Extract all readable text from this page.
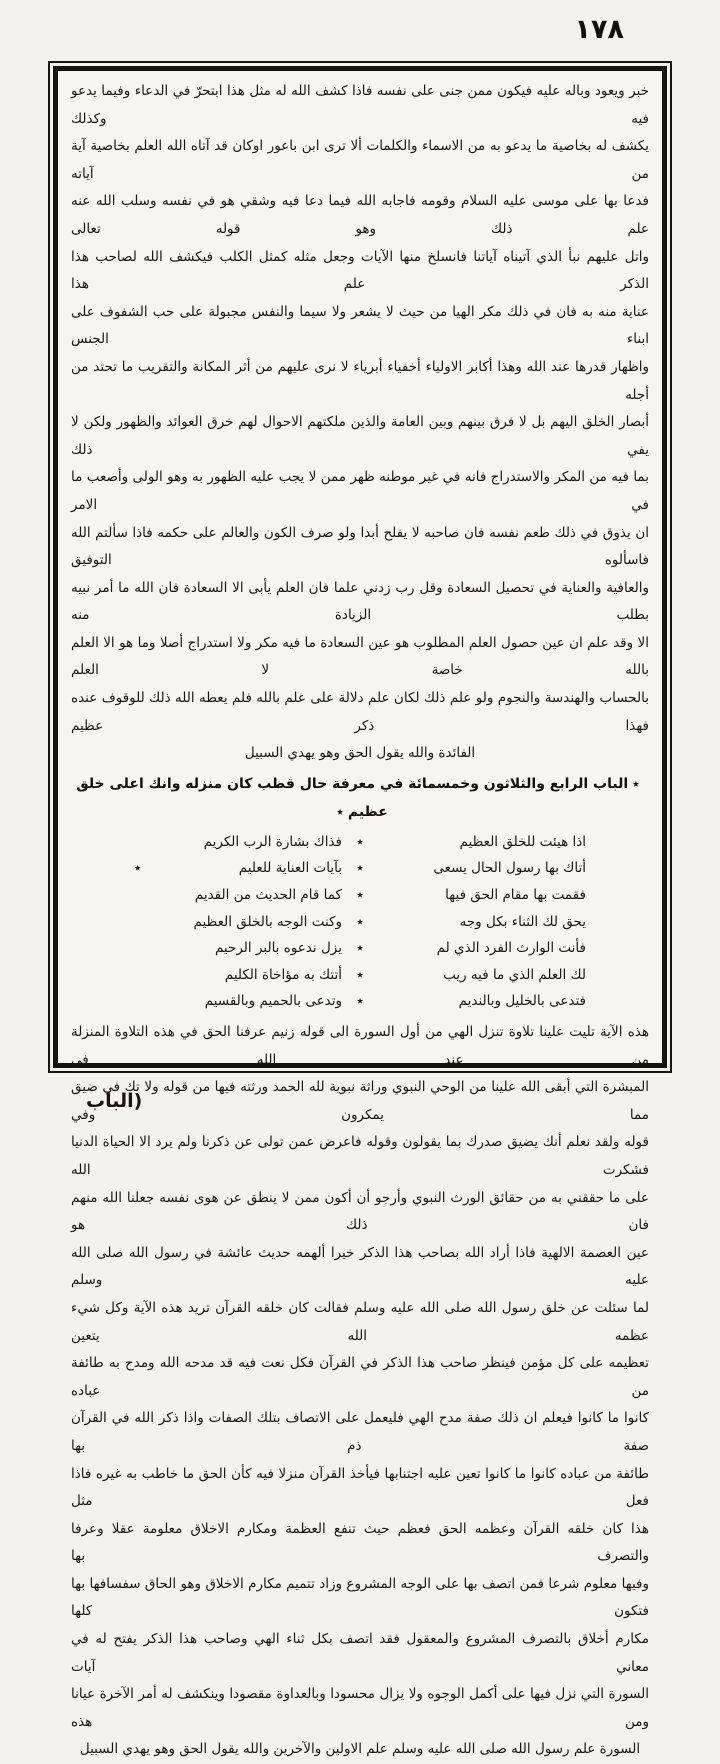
١٧٨
خبر ويعود وباله عليه فيكون ممن جنى على نفسه فاذا كشف الله له مثل هذا ابتحرّ في الدعاء وفيما يدعو فيه وكذلك
يكشف له بخاصية ما يدعو به من الاسماء والكلمات ألا ترى ابن باعور اوكان قد آتاه الله العلم بخاصية آية من آياته
فدعا بها على موسى عليه السلام وقومه فاجابه الله فيما دعا فيه وشقي هو في نفسه وسلب الله عنه علم ذلك وهو قوله تعالى
واتل عليهم نبأ الذي آتيناه آياتنا فانسلخ منها الآيات وجعل مثله كمثل الكلب فيكشف الله لصاحب هذا الذكر علم هذا
عناية منه به فان في ذلك مكر الهيا من حيث لا يشعر ولا سيما والنفس مجبولة على حب الشفوف على ابناء الجنس
واظهار قدرها عند الله وهذا أكابر الاولياء أخفياء أبرياء لا نرى عليهم من أثر المكانة والتقريب ما تحتد من أجله
أبصار الخلق اليهم بل لا فرق بينهم وبين العامة والذين ملكتهم الاحوال لهم خرق العوائد والظهور ولكن لا يفي ذلك
بما فيه من المكر والاستدراج فانه في غير موطنه ظهر ممن لا يجب عليه الظهور به وهو الولى وأصعب ما في الامر
ان يذوق في ذلك طعم نفسه فان صاحبه لا يفلح أبدا ولو صرف الكون والعالم على حكمه فاذا سألتم الله فاسألوه التوفيق
والعافية والعناية في تحصيل السعادة وقل رب زدني علما فان العلم يأبى الا السعادة فان الله ما أمر نبيه بطلب الزيادة منه
الا وقد علم ان عين حصول العلم المطلوب هو عين السعادة ما فيه مكر ولا استدراج أصلا وما هو الا العلم بالله خاصة لا العلم
بالحساب والهندسة والنجوم ولو علم ذلك لكان علم دلالة على علم بالله فلم يعطه الله ذلك للوقوف عنده فهذا ذكر عظيم
الفائدة والله يقول الحق وهو يهدي السبيل
٭الباب الرابع والثلاثون وخمسمائة في معرفة حال قطب كان منزله وانك اعلى خلق عظيم٭
اذا هيئت للخلق العظيم
٭
فذاك بشارة الرب الكريم
أتاك بها رسول الحال يسعى
٭
بآيات العناية للعليم
٭
فقمت بها مقام الحق فيها
٭
كما قام الحديث من القديم
يحق لك الثناء بكل وجه
٭
وكنت الوجه بالخلق العظيم
فأنت الوارث الفرد الذي لم
٭
يزل ندعوه بالبر الرحيم
لك العلم الذي ما فيه ريب
٭
أتتك به مؤاخاة الكليم
فتدعى بالخليل وبالنديم
٭
وتدعى بالحميم وبالقسيم
هذه الآية تليت علينا تلاوة تنزل الهي من أول السورة الى قوله زنيم عرفنا الحق في هذه التلاوة المنزلة من عند الله في
المبشرة التي أبقى الله علينا من الوحي النبوي وراثة نبوية لله الحمد ورثته فيها من قوله ولا تك في ضيق مما يمكرون وفي
قوله ولقد نعلم أنك يضيق صدرك بما يقولون وقوله فاعرض عمن تولى عن ذكرنا ولم يرد الا الحياة الدنيا فشكرت الله
على ما حققني به من حقائق الورث النبوي وأرجو أن أكون ممن لا ينطق عن هوى نفسه جعلنا الله منهم فان ذلك هو
عين العصمة الالهية فاذا أراد الله بصاحب هذا الذكر خيرا ألهمه حديث عائشة في رسول الله صلى الله عليه وسلم
لما سئلت عن خلق رسول الله صلى الله عليه وسلم فقالت كان خلقه القرآن تريد هذه الآية وكل شيء عظمه الله يتعين
تعظيمه على كل مؤمن فينظر صاحب هذا الذكر في القرآن فكل نعت فيه قد مدحه الله ومدح به طائفة من عباده
كانوا ما كانوا فيعلم ان ذلك صفة مدح الهي فليعمل على الاتصاف بتلك الصفات واذا ذكر الله في القرآن صفة ذم بها
طائفة من عباده كانوا ما كانوا تعين عليه اجتنابها فيأخذ القرآن منزلا فيه كأن الحق ما خاطب به غيره فاذا فعل مثل
هذا كان خلقه القرآن وعظمه الحق فعظم حيث تنفع العظمة ومكارم الاخلاق معلومة عقلا وعرفا والتصرف بها
وفيها معلوم شرعا فمن اتصف بها على الوجه المشروع وزاد تتميم مكارم الاخلاق وهو الحاق سفسافها بها فتكون كلها
مكارم أخلاق بالتصرف المشروع والمعقول فقد اتصف بكل ثناء الهي وصاحب هذا الذكر يفتح له في معاني آيات
السورة التي نزل فيها على أكمل الوجوه ولا يزال محسودا وبالعداوة مقصودا وينكشف له أمر الآخرة عيانا ومن هذه
السورة علم رسول الله صلى الله عليه وسلم علم الاولين والآخرين والله يقول الحق وهو يهدي السبيل
(الباب
